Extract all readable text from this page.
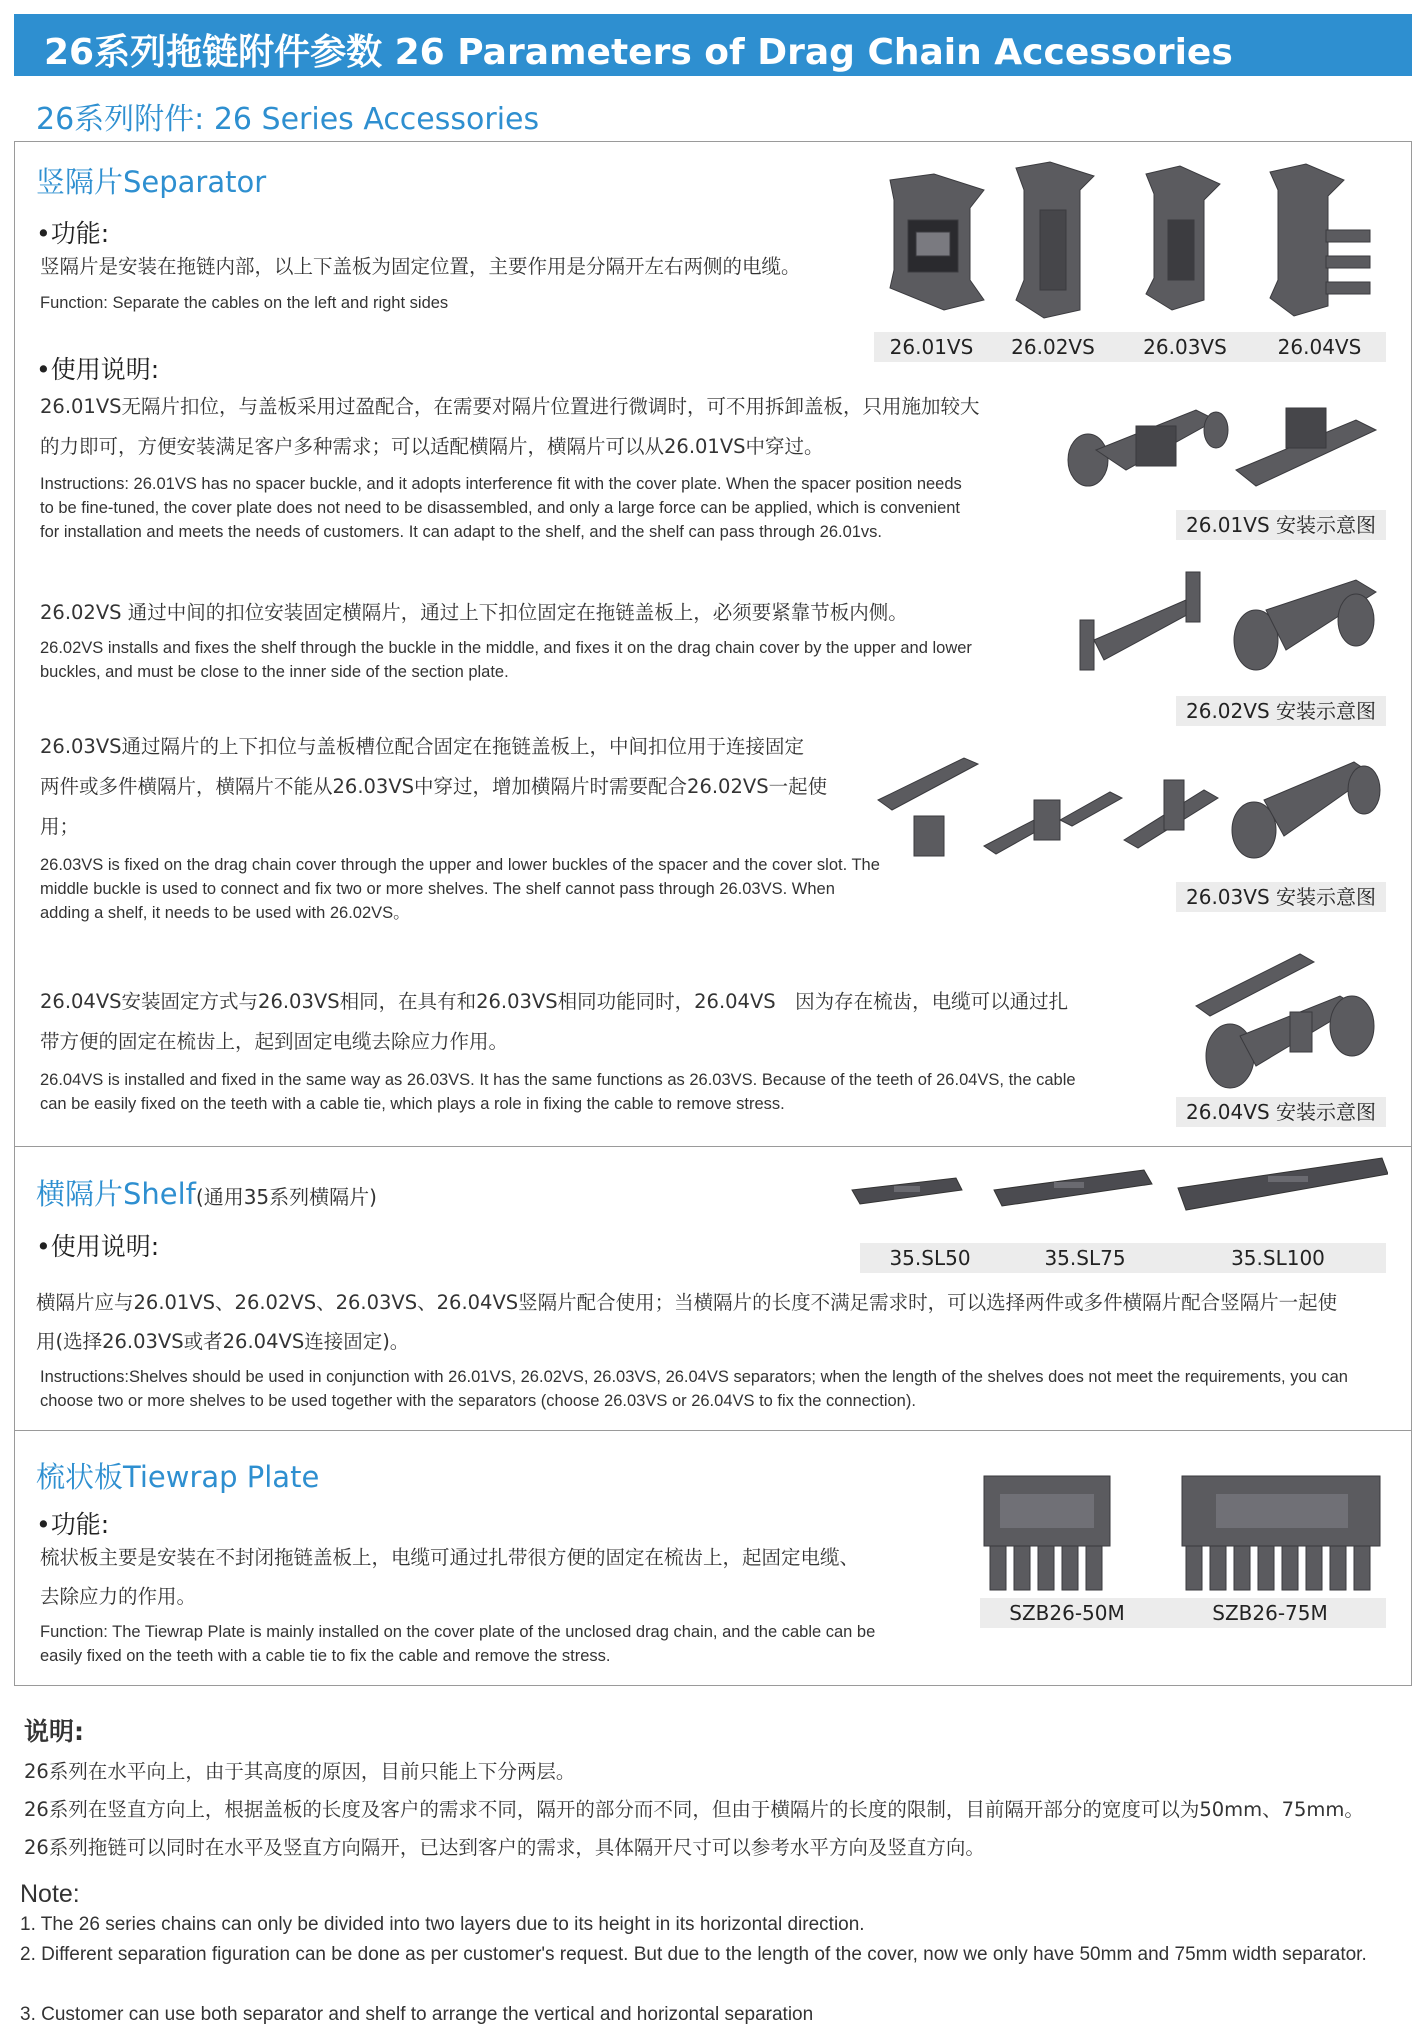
26系列拖链附件参数 26 Parameters of Drag Chain Accessories
26系列附件: 26 Series Accessories
竖隔片Separator
•功能:
竖隔片是安装在拖链内部，以上下盖板为固定位置，主要作用是分隔开左右两侧的电缆。
Function: Separate the cables on the left and right sides
26.01VS	26.02VS	26.03VS	26.04VS
•使用说明:
26.01VS无隔片扣位，与盖板采用过盈配合，在需要对隔片位置进行微调时，可不用拆卸盖板，只用施加较大
的力即可，方便安装满足客户多种需求；可以适配横隔片，横隔片可以从26.01VS中穿过。
Instructions: 26.01VS has no spacer buckle, and it adopts interference fit with the cover plate. When the spacer position needs to be fine-tuned, the cover plate does not need to be disassembled, and only a large force can be applied, which is convenient for installation and meets the needs of customers. It can adapt to the shelf, and the shelf can pass through 26.01vs.	26.01VS 安装示意图
26.02VS 通过中间的扣位安装固定横隔片，通过上下扣位固定在拖链盖板上，必须要紧靠节板内侧。
26.02VS installs and fixes the shelf through the buckle in the middle, and fixes it on the drag chain cover by the upper and lower buckles, and must be close to the inner side of the section plate.
26.02VS 安装示意图
26.03VS通过隔片的上下扣位与盖板槽位配合固定在拖链盖板上，中间扣位用于连接固定
两件或多件横隔片，横隔片不能从26.03VS中穿过，增加横隔片时需要配合26.02VS一起使
用；
26.03VS is fixed on the drag chain cover through the upper and lower buckles of the spacer and the cover slot. The middle buckle is used to connect and fix two or more shelves. The shelf cannot pass through 26.03VS. When adding a shelf, it needs to be used with 26.02VS。
26.03VS 安装示意图
26.04VS安装固定方式与26.03VS相同，在具有和26.03VS相同功能同时，26.04VS　因为存在梳齿，电缆可以通过扎
带方便的固定在梳齿上，起到固定电缆去除应力作用。
26.04VS is installed and fixed in the same way as 26.03VS. It has the same functions as 26.03VS. Because of the teeth of 26.04VS, the cable can be easily fixed on the teeth with a cable tie, which plays a role in fixing the cable to remove stress.	26.04VS 安装示意图
横隔片Shelf(通用35系列横隔片)
•使用说明:	35.SL50	35.SL75	35.SL100
横隔片应与26.01VS、26.02VS、26.03VS、26.04VS竖隔片配合使用；当横隔片的长度不满足需求时，可以选择两件或多件横隔片配合竖隔片一起使
用(选择26.03VS或者26.04VS连接固定)。
Instructions:Shelves should be used in conjunction with 26.01VS, 26.02VS, 26.03VS, 26.04VS separators; when the length of the shelves does not meet the requirements, you can choose two or more shelves to be used together with the separators (choose 26.03VS or 26.04VS to fix the connection).
梳状板Tiewrap Plate
•功能:
梳状板主要是安装在不封闭拖链盖板上，电缆可通过扎带很方便的固定在梳齿上，起固定电缆、
去除应力的作用。
Function: The Tiewrap Plate is mainly installed on the cover plate of the unclosed drag chain, and the cable can be easily fixed on the teeth with a cable tie to fix the cable and remove the stress.
SZB26-50M	SZB26-75M
说明:
26系列在水平向上，由于其高度的原因，目前只能上下分两层。
26系列在竖直方向上，根据盖板的长度及客户的需求不同，隔开的部分而不同，但由于横隔片的长度的限制，目前隔开部分的宽度可以为50mm、75mm。
26系列拖链可以同时在水平及竖直方向隔开，已达到客户的需求，具体隔开尺寸可以参考水平方向及竖直方向。
Note:
1. The 26 series chains can only be divided into two layers due to its height in its horizontal direction.
2. Different separation figuration can be done as per customer's request. But due to the length of the cover, now we only have 50mm and 75mm width separator.
3. Customer can use both separator and shelf to arrange the vertical and horizontal separation
